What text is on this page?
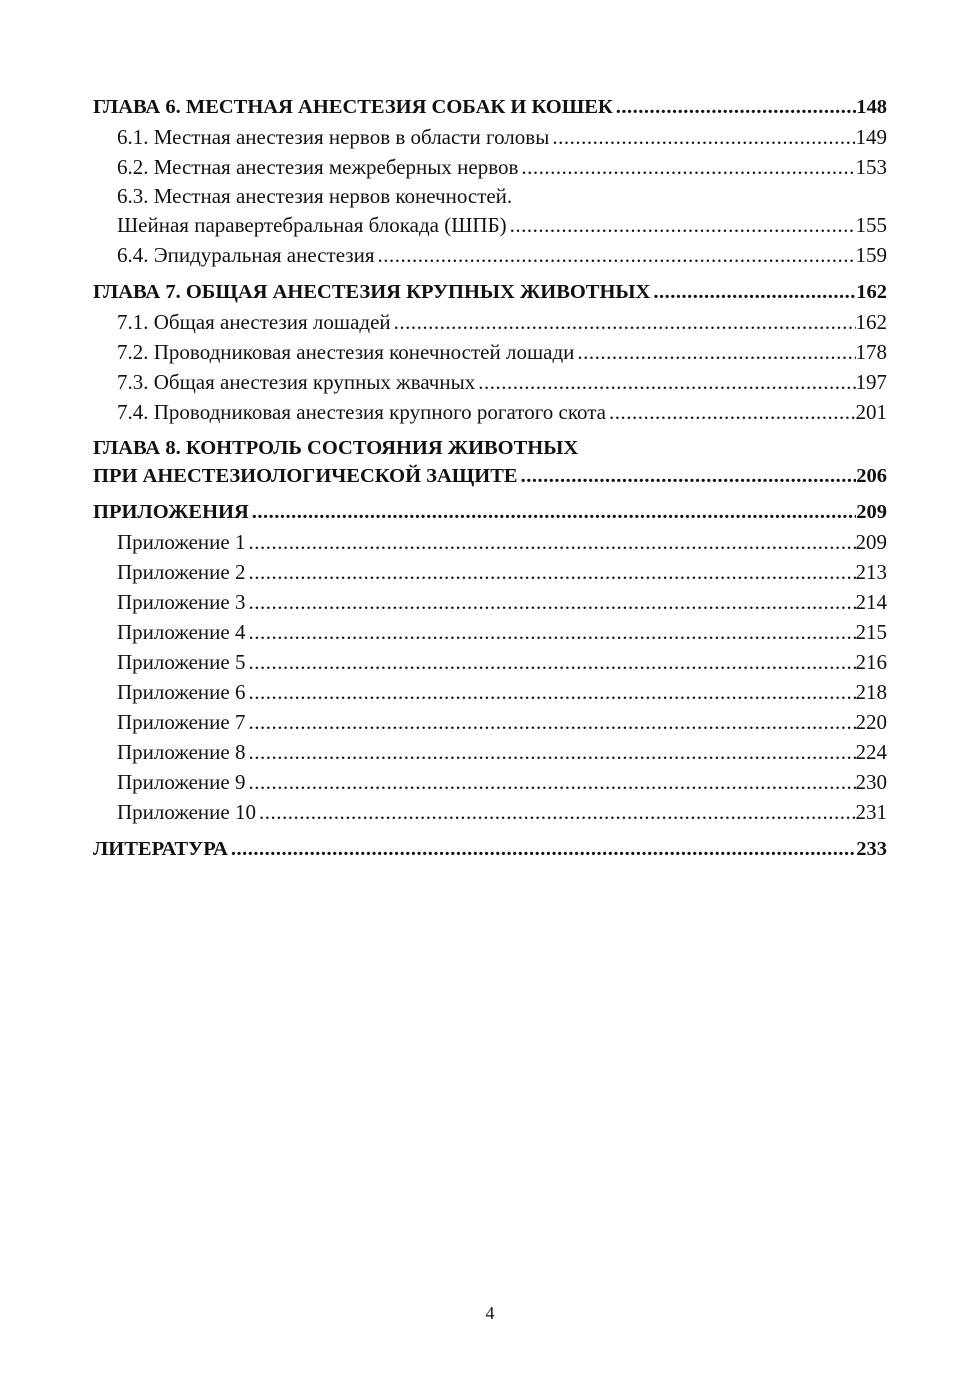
ГЛАВА 6. МЕСТНАЯ АНЕСТЕЗИЯ СОБАК И КОШЕК .....	148
6.1. Местная анестезия нервов в области головы .....	149
6.2. Местная анестезия межреберных нервов .....	153
6.3. Местная анестезия нервов конечностей.
Шейная паравертебральная блокада (ШПБ) .....	155
6.4. Эпидуральная анестезия .....	159
ГЛАВА 7. ОБЩАЯ АНЕСТЕЗИЯ КРУПНЫХ ЖИВОТНЫХ .....	162
7.1. Общая анестезия лошадей .....	162
7.2. Проводниковая анестезия конечностей лошади .....	178
7.3. Общая анестезия крупных жвачных .....	197
7.4. Проводниковая анестезия крупного рогатого скота .....	201
ГЛАВА 8. КОНТРОЛЬ СОСТОЯНИЯ ЖИВОТНЫХ
ПРИ АНЕСТЕЗИОЛОГИЧЕСКОЙ ЗАЩИТЕ .....	206
ПРИЛОЖЕНИЯ .....	209
Приложение 1 .....	209
Приложение 2 .....	213
Приложение 3 .....	214
Приложение 4 .....	215
Приложение 5 .....	216
Приложение 6 .....	218
Приложение 7 .....	220
Приложение 8 .....	224
Приложение 9 .....	230
Приложение 10 .....	231
ЛИТЕРАТУРА .....	233
4
